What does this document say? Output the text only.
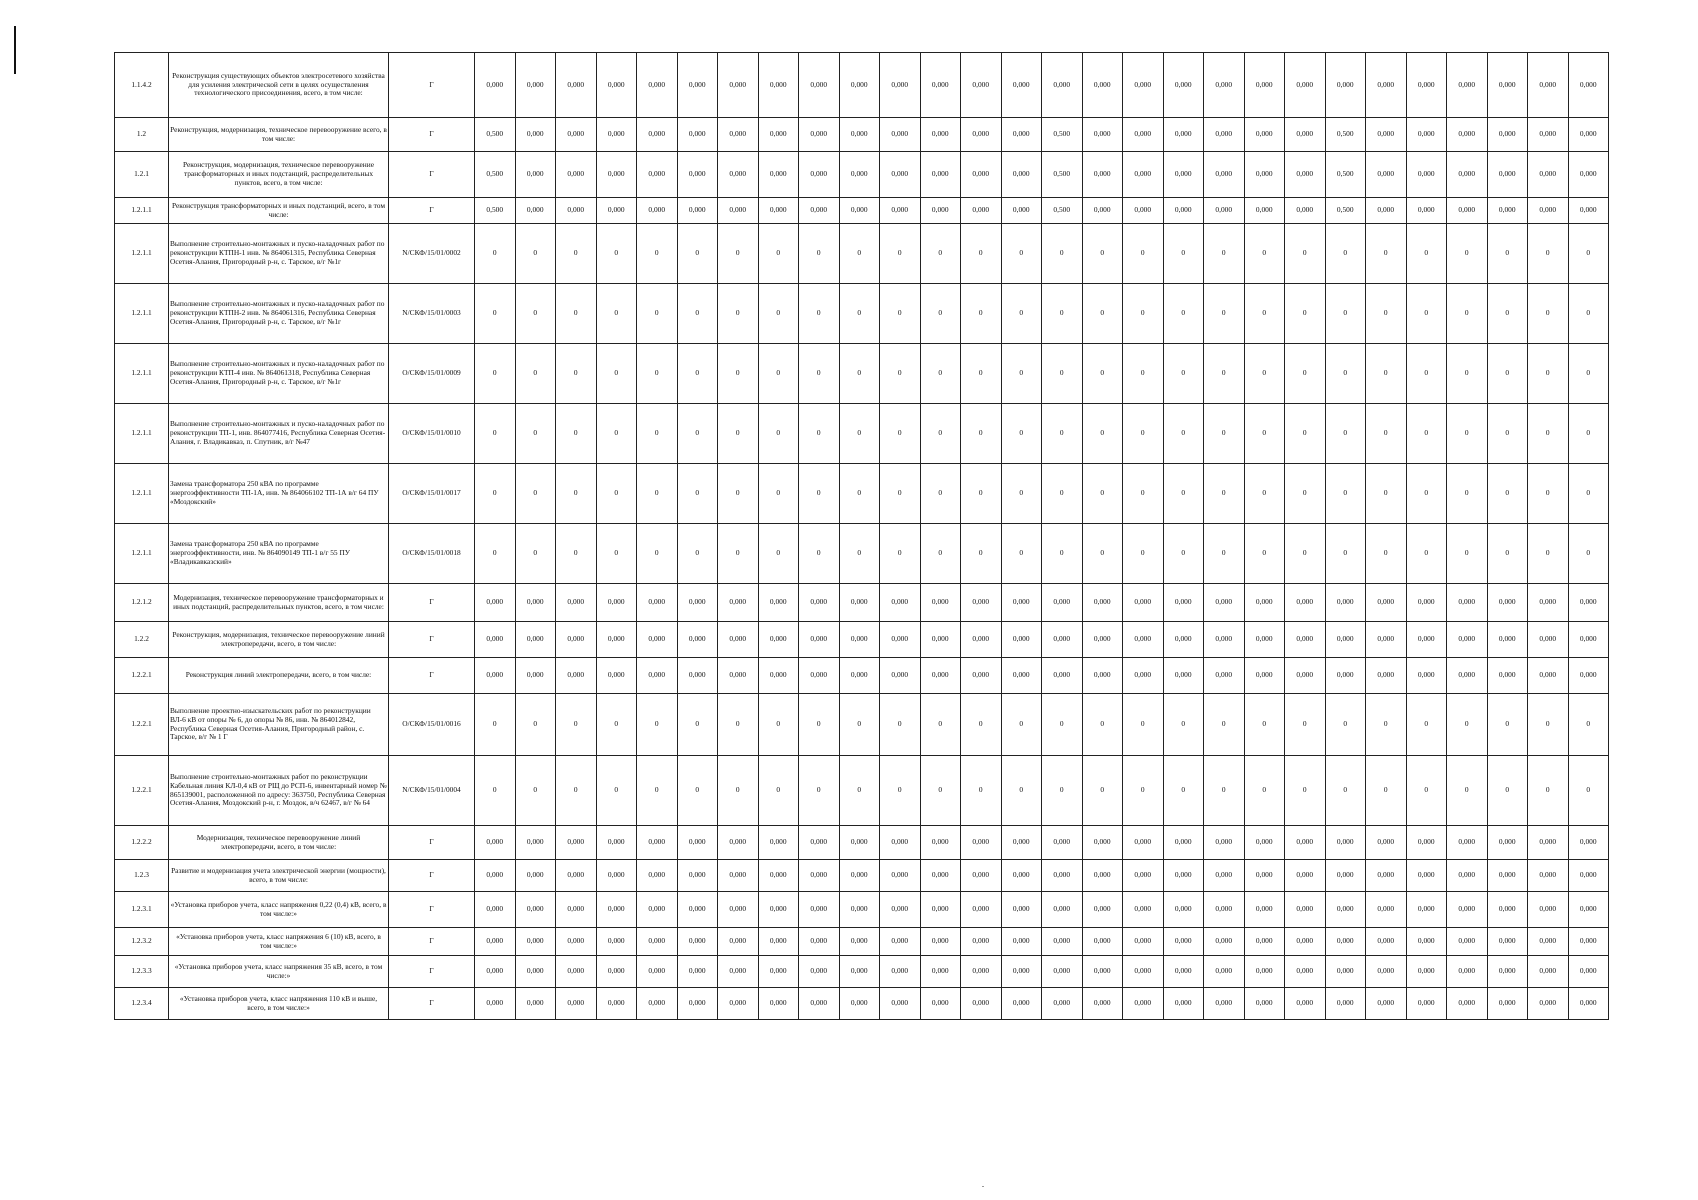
1.1.4.2	Реконструкция существующих объектов электросетевого хозяйства для усиления электрической сети в целях осуществления технологического присоединения, всего, в том числе:	Г	0,000	0,000	0,000	0,000	0,000	0,000	0,000	0,000	0,000	0,000	0,000	0,000	0,000	0,000	0,000	0,000	0,000	0,000	0,000	0,000	0,000	0,000	0,000	0,000	0,000	0,000	0,000	0,000
1.2	Реконструкция, модернизация, техническое перевооружение всего, в том числе:	Г	0,500	0,000	0,000	0,000	0,000	0,000	0,000	0,000	0,000	0,000	0,000	0,000	0,000	0,000	0,500	0,000	0,000	0,000	0,000	0,000	0,000	0,500	0,000	0,000	0,000	0,000	0,000	0,000
1.2.1	Реконструкция, модернизация, техническое перевооружение трансформаторных и иных подстанций, распределительных пунктов, всего, в том числе:	Г	0,500	0,000	0,000	0,000	0,000	0,000	0,000	0,000	0,000	0,000	0,000	0,000	0,000	0,000	0,500	0,000	0,000	0,000	0,000	0,000	0,000	0,500	0,000	0,000	0,000	0,000	0,000	0,000
1.2.1.1	Реконструкция трансформаторных и иных подстанций, всего, в том числе:	Г	0,500	0,000	0,000	0,000	0,000	0,000	0,000	0,000	0,000	0,000	0,000	0,000	0,000	0,000	0,500	0,000	0,000	0,000	0,000	0,000	0,000	0,500	0,000	0,000	0,000	0,000	0,000	0,000
1.2.1.1	Выполнение строительно-монтажных и пуско-наладочных работ по реконструкции КТПН-1 инв. № 864061315, Республика Северная Осетия-Алания, Пригородный р-н, с. Тарское, в/г №1г	N/СКФ/15/01/0002	0	0	0	0	0	0	0	0	0	0	0	0	0	0	0	0	0	0	0	0	0	0	0	0	0	0	0	0
1.2.1.1	Выполнение строительно-монтажных и пуско-наладочных работ по реконструкции КТПН-2 инв. № 864061316, Республика Северная Осетия-Алания, Пригородный р-н, с. Тарское, в/г №1г	N/СКФ/15/01/0003	0	0	0	0	0	0	0	0	0	0	0	0	0	0	0	0	0	0	0	0	0	0	0	0	0	0	0	0
1.2.1.1	Выполнение строительно-монтажных и пуско-наладочных работ по реконструкции КТП-4 инв. № 864061318, Республика Северная Осетия-Алания, Пригородный р-н, с. Тарское, в/г №1г	O/СКФ/15/01/0009	0	0	0	0	0	0	0	0	0	0	0	0	0	0	0	0	0	0	0	0	0	0	0	0	0	0	0	0
1.2.1.1	Выполнение строительно-монтажных и пуско-наладочных работ по реконструкции ТП-1, инв. 864077416, Республика Северная Осетия-Алания, г. Владикавказ, п. Спутник, в/г №47	O/СКФ/15/01/0010	0	0	0	0	0	0	0	0	0	0	0	0	0	0	0	0	0	0	0	0	0	0	0	0	0	0	0	0
1.2.1.1	Замена трансформатора 250 кВА по программе энергоэффективности ТП-1А, инв. № 864066102 ТП-1А в/г 64 ПУ «Моздокский»	O/СКФ/15/01/0017	0	0	0	0	0	0	0	0	0	0	0	0	0	0	0	0	0	0	0	0	0	0	0	0	0	0	0	0
1.2.1.1	Замена трансформатора 250 кВА по программе энергоэффективности, инв. № 864090149 ТП-1 в/г 55 ПУ «Владикавказский»	O/СКФ/15/01/0018	0	0	0	0	0	0	0	0	0	0	0	0	0	0	0	0	0	0	0	0	0	0	0	0	0	0	0	0
1.2.1.2	Модернизация, техническое перевооружение трансформаторных и иных подстанций, распределительных пунктов, всего, в том числе:	Г	0,000	0,000	0,000	0,000	0,000	0,000	0,000	0,000	0,000	0,000	0,000	0,000	0,000	0,000	0,000	0,000	0,000	0,000	0,000	0,000	0,000	0,000	0,000	0,000	0,000	0,000	0,000	0,000
1.2.2	Реконструкция, модернизация, техническое перевооружение линий электропередачи, всего, в том числе:	Г	0,000	0,000	0,000	0,000	0,000	0,000	0,000	0,000	0,000	0,000	0,000	0,000	0,000	0,000	0,000	0,000	0,000	0,000	0,000	0,000	0,000	0,000	0,000	0,000	0,000	0,000	0,000	0,000
1.2.2.1	Реконструкция линий электропередачи, всего, в том числе:	Г	0,000	0,000	0,000	0,000	0,000	0,000	0,000	0,000	0,000	0,000	0,000	0,000	0,000	0,000	0,000	0,000	0,000	0,000	0,000	0,000	0,000	0,000	0,000	0,000	0,000	0,000	0,000	0,000
1.2.2.1	Выполнение проектно-изыскательских работ по реконструкции ВЛ-6 кВ от опоры № 6, до опоры № 86, инв. № 864012842, Республика Северная Осетия-Алания, Пригородный район, с. Тарское, в/г № 1 Г	O/СКФ/15/01/0016	0	0	0	0	0	0	0	0	0	0	0	0	0	0	0	0	0	0	0	0	0	0	0	0	0	0	0	0
1.2.2.1	Выполнение строительно-монтажных работ по реконструкции Кабельная линия КЛ-0,4 кВ от РЩ до РСП-6, инвентарный номер № 865139001, расположенной по адресу: 363750, Республика Северная Осетия-Алания, Моздокский р-н, г. Моздок, в/ч 62467, в/г № 64	N/СКФ/15/01/0004	0	0	0	0	0	0	0	0	0	0	0	0	0	0	0	0	0	0	0	0	0	0	0	0	0	0	0	0
1.2.2.2	Модернизация, техническое перевооружение линий электропередачи, всего, в том числе:	Г	0,000	0,000	0,000	0,000	0,000	0,000	0,000	0,000	0,000	0,000	0,000	0,000	0,000	0,000	0,000	0,000	0,000	0,000	0,000	0,000	0,000	0,000	0,000	0,000	0,000	0,000	0,000	0,000
1.2.3	Развитие и модернизация учета электрической энергии (мощности), всего, в том числе:	Г	0,000	0,000	0,000	0,000	0,000	0,000	0,000	0,000	0,000	0,000	0,000	0,000	0,000	0,000	0,000	0,000	0,000	0,000	0,000	0,000	0,000	0,000	0,000	0,000	0,000	0,000	0,000	0,000
1.2.3.1	«Установка приборов учета, класс напряжения 0,22 (0,4) кВ, всего, в том числе:»	Г	0,000	0,000	0,000	0,000	0,000	0,000	0,000	0,000	0,000	0,000	0,000	0,000	0,000	0,000	0,000	0,000	0,000	0,000	0,000	0,000	0,000	0,000	0,000	0,000	0,000	0,000	0,000	0,000
1.2.3.2	«Установка приборов учета, класс напряжения 6 (10) кВ, всего, в том числе:»	Г	0,000	0,000	0,000	0,000	0,000	0,000	0,000	0,000	0,000	0,000	0,000	0,000	0,000	0,000	0,000	0,000	0,000	0,000	0,000	0,000	0,000	0,000	0,000	0,000	0,000	0,000	0,000	0,000
1.2.3.3	«Установка приборов учета, класс напряжения 35 кВ, всего, в том числе:»	Г	0,000	0,000	0,000	0,000	0,000	0,000	0,000	0,000	0,000	0,000	0,000	0,000	0,000	0,000	0,000	0,000	0,000	0,000	0,000	0,000	0,000	0,000	0,000	0,000	0,000	0,000	0,000	0,000
1.2.3.4	«Установка приборов учета, класс напряжения 110 кВ и выше, всего, в том числе:»	Г	0,000	0,000	0,000	0,000	0,000	0,000	0,000	0,000	0,000	0,000	0,000	0,000	0,000	0,000	0,000	0,000	0,000	0,000	0,000	0,000	0,000	0,000	0,000	0,000	0,000	0,000	0,000	0,000
